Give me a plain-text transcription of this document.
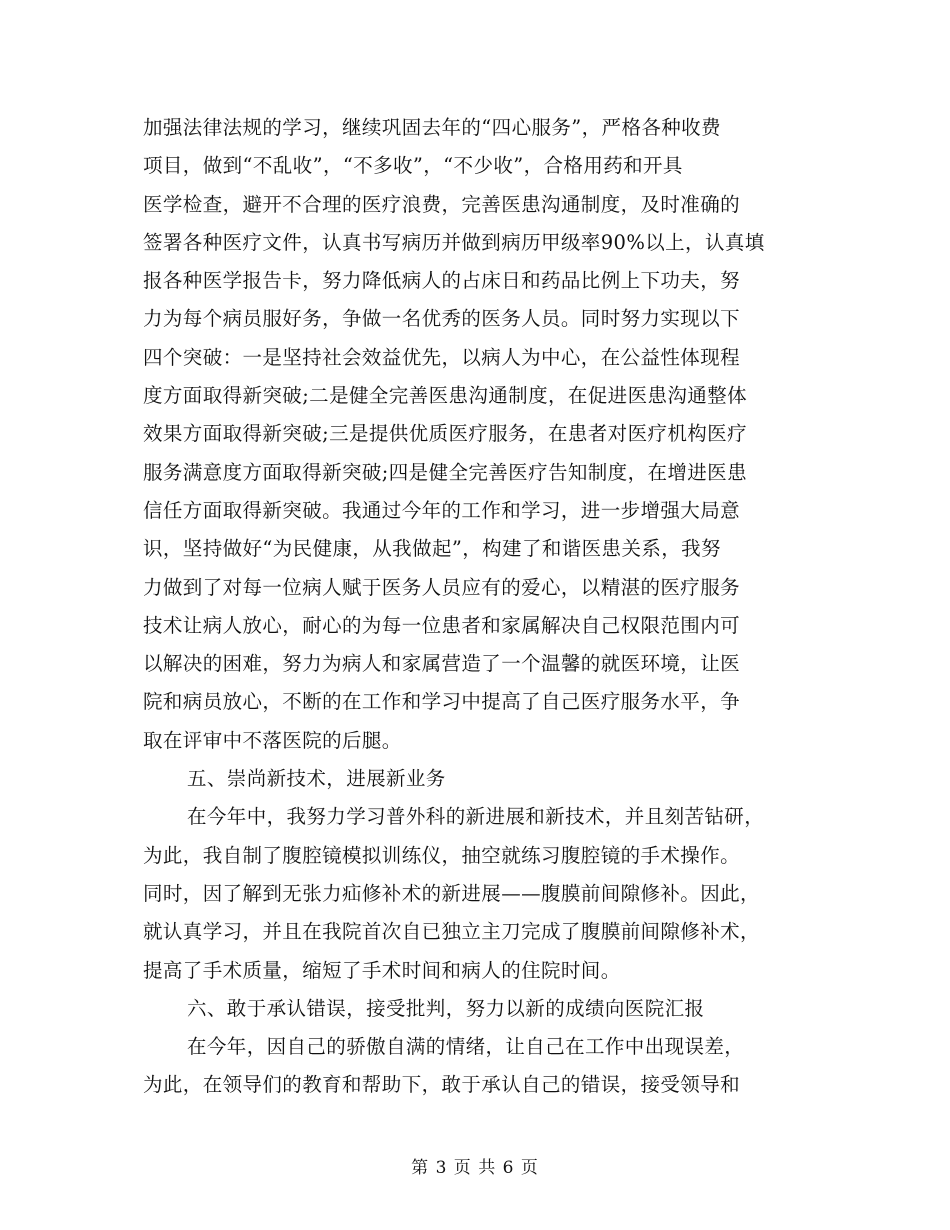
加强法律法规的学习，继续巩固去年的“四心服务”，严格各种收费
项目，做到“不乱收”，“不多收”，“不少收”，合格用药和开具
医学检查，避开不合理的医疗浪费，完善医患沟通制度，及时准确的
签署各种医疗文件，认真书写病历并做到病历甲级率90%以上，认真填
报各种医学报告卡，努力降低病人的占床日和药品比例上下功夫，努
力为每个病员服好务，争做一名优秀的医务人员。同时努力实现以下
四个突破：一是坚持社会效益优先，以病人为中心，在公益性体现程
度方面取得新突破;二是健全完善医患沟通制度，在促进医患沟通整体
效果方面取得新突破;三是提供优质医疗服务，在患者对医疗机构医疗
服务满意度方面取得新突破;四是健全完善医疗告知制度，在增进医患
信任方面取得新突破。我通过今年的工作和学习，进一步增强大局意
识，坚持做好“为民健康，从我做起”，构建了和谐医患关系，我努
力做到了对每一位病人赋于医务人员应有的爱心，以精湛的医疗服务
技术让病人放心，耐心的为每一位患者和家属解决自己权限范围内可
以解决的困难，努力为病人和家属营造了一个温馨的就医环境，让医
院和病员放心，不断的在工作和学习中提高了自己医疗服务水平，争
取在评审中不落医院的后腿。
五、崇尚新技术，进展新业务
在今年中，我努力学习普外科的新进展和新技术，并且刻苦钻研，
为此，我自制了腹腔镜模拟训练仪，抽空就练习腹腔镜的手术操作。
同时，因了解到无张力疝修补术的新进展——腹膜前间隙修补。因此，
就认真学习，并且在我院首次自已独立主刀完成了腹膜前间隙修补术，
提高了手术质量，缩短了手术时间和病人的住院时间。
六、敢于承认错误，接受批判，努力以新的成绩向医院汇报
在今年，因自己的骄傲自满的情绪，让自己在工作中出现误差，
为此，在领导们的教育和帮助下，敢于承认自己的错误，接受领导和
第 3 页 共 6 页
